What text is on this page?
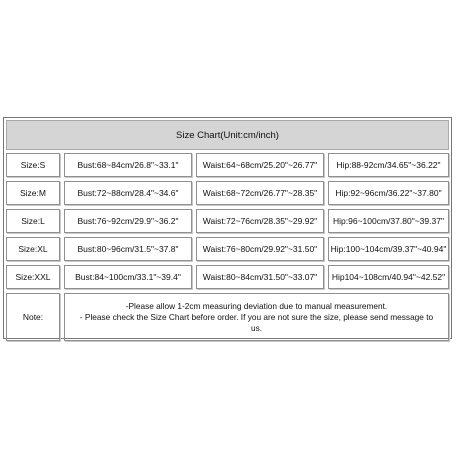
Size Chart(Unit:cm/inch)
Size:S	Bust:68~84cm/26.8"~33.1"	Waist:64~68cm/25.20"~26.77"	Hip:88-92cm/34.65"~36.22"
Size:M	Bust:72~88cm/28.4"~34.6"	Waist:68~72cm/26.77"~28.35"	Hip:92~96cm/36.22"~37.80"
Size:L	Bust:76~92cm/29.9"~36.2"	Waist:72~76cm/28.35"~29.92"	Hip:96~100cm/37.80"~39.37"
Size:XL	Bust:80~96cm/31.5"~37.8"	Waist:76~80cm/29.92"~31.50"	Hip:100~104cm/39.37"~40.94"
Size:XXL	Bust:84~100cm/33.1"~39.4"	Waist:80~84cm/31.50"~33.07"	Hip104~108cm/40.94"~42.52"
Note:
-Please allow 1-2cm measuring deviation due to manual measurement.
- Please check the Size Chart before order. If you are not sure the size, please send message to
us.
